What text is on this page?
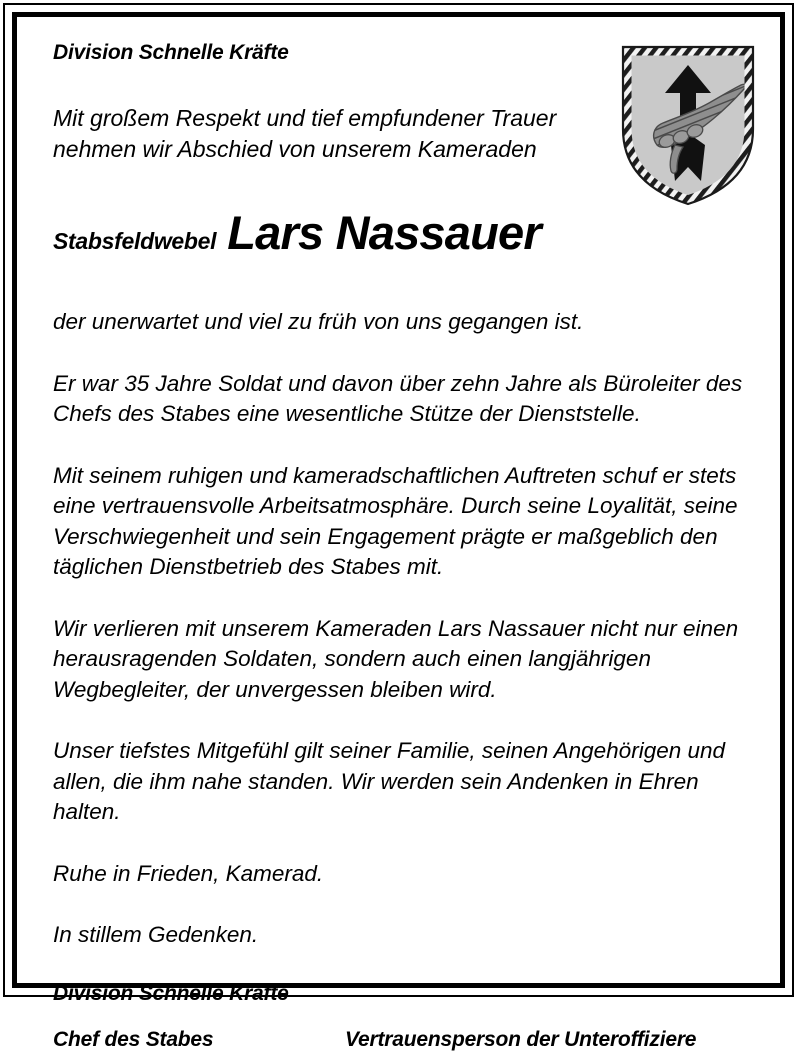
Division Schnelle Kräfte
Mit großem Respekt und tief empfundener Trauer
nehmen wir Abschied von unserem Kameraden
Stabsfeldwebel Lars Nassauer

der unerwartet und viel zu früh von uns gegangen ist.

Er war 35 Jahre Soldat und davon über zehn Jahre als Büroleiter des Chefs des Stabes eine wesentliche Stütze der Dienststelle.

Mit seinem ruhigen und kameradschaftlichen Auftreten schuf er stets eine vertrauensvolle Arbeitsatmosphäre. Durch seine Loyalität, seine Verschwiegenheit und sein Engagement prägte er maßgeblich den täglichen Dienstbetrieb des Stabes mit.

Wir verlieren mit unserem Kameraden Lars Nassauer nicht nur einen herausragenden Soldaten, sondern auch einen langjährigen Wegbegleiter, der unvergessen bleiben wird.

Unser tiefstes Mitgefühl gilt seiner Familie, seinen Angehörigen und allen, die ihm nahe standen. Wir werden sein Andenken in Ehren halten.

Ruhe in Frieden, Kamerad.

In stillem Gedenken.

Division Schnelle Kräfte
Chef des Stabes	Vertrauensperson der Unteroffiziere
